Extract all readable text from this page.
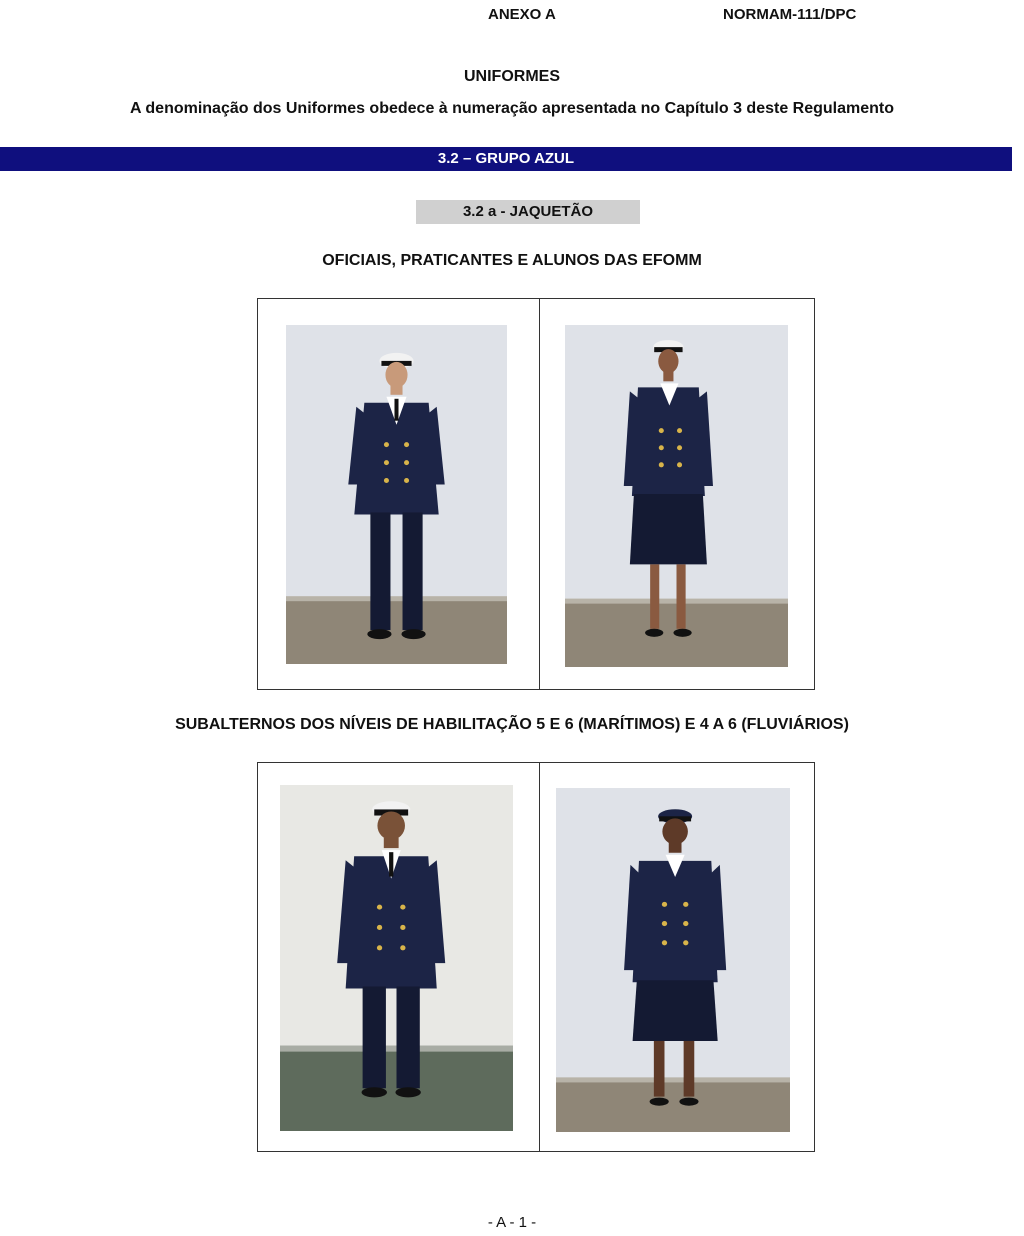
ANEXO A	NORMAM-111/DPC
UNIFORMES
A denominação dos Uniformes obedece à numeração apresentada no Capítulo 3 deste Regulamento
3.2 – GRUPO AZUL
3.2 a - JAQUETÃO
OFICIAIS, PRATICANTES E ALUNOS DAS EFOMM
SUBALTERNOS DOS NÍVEIS DE HABILITAÇÃO 5 E 6 (MARÍTIMOS) E 4 A 6 (FLUVIÁRIOS)
- A - 1 -
